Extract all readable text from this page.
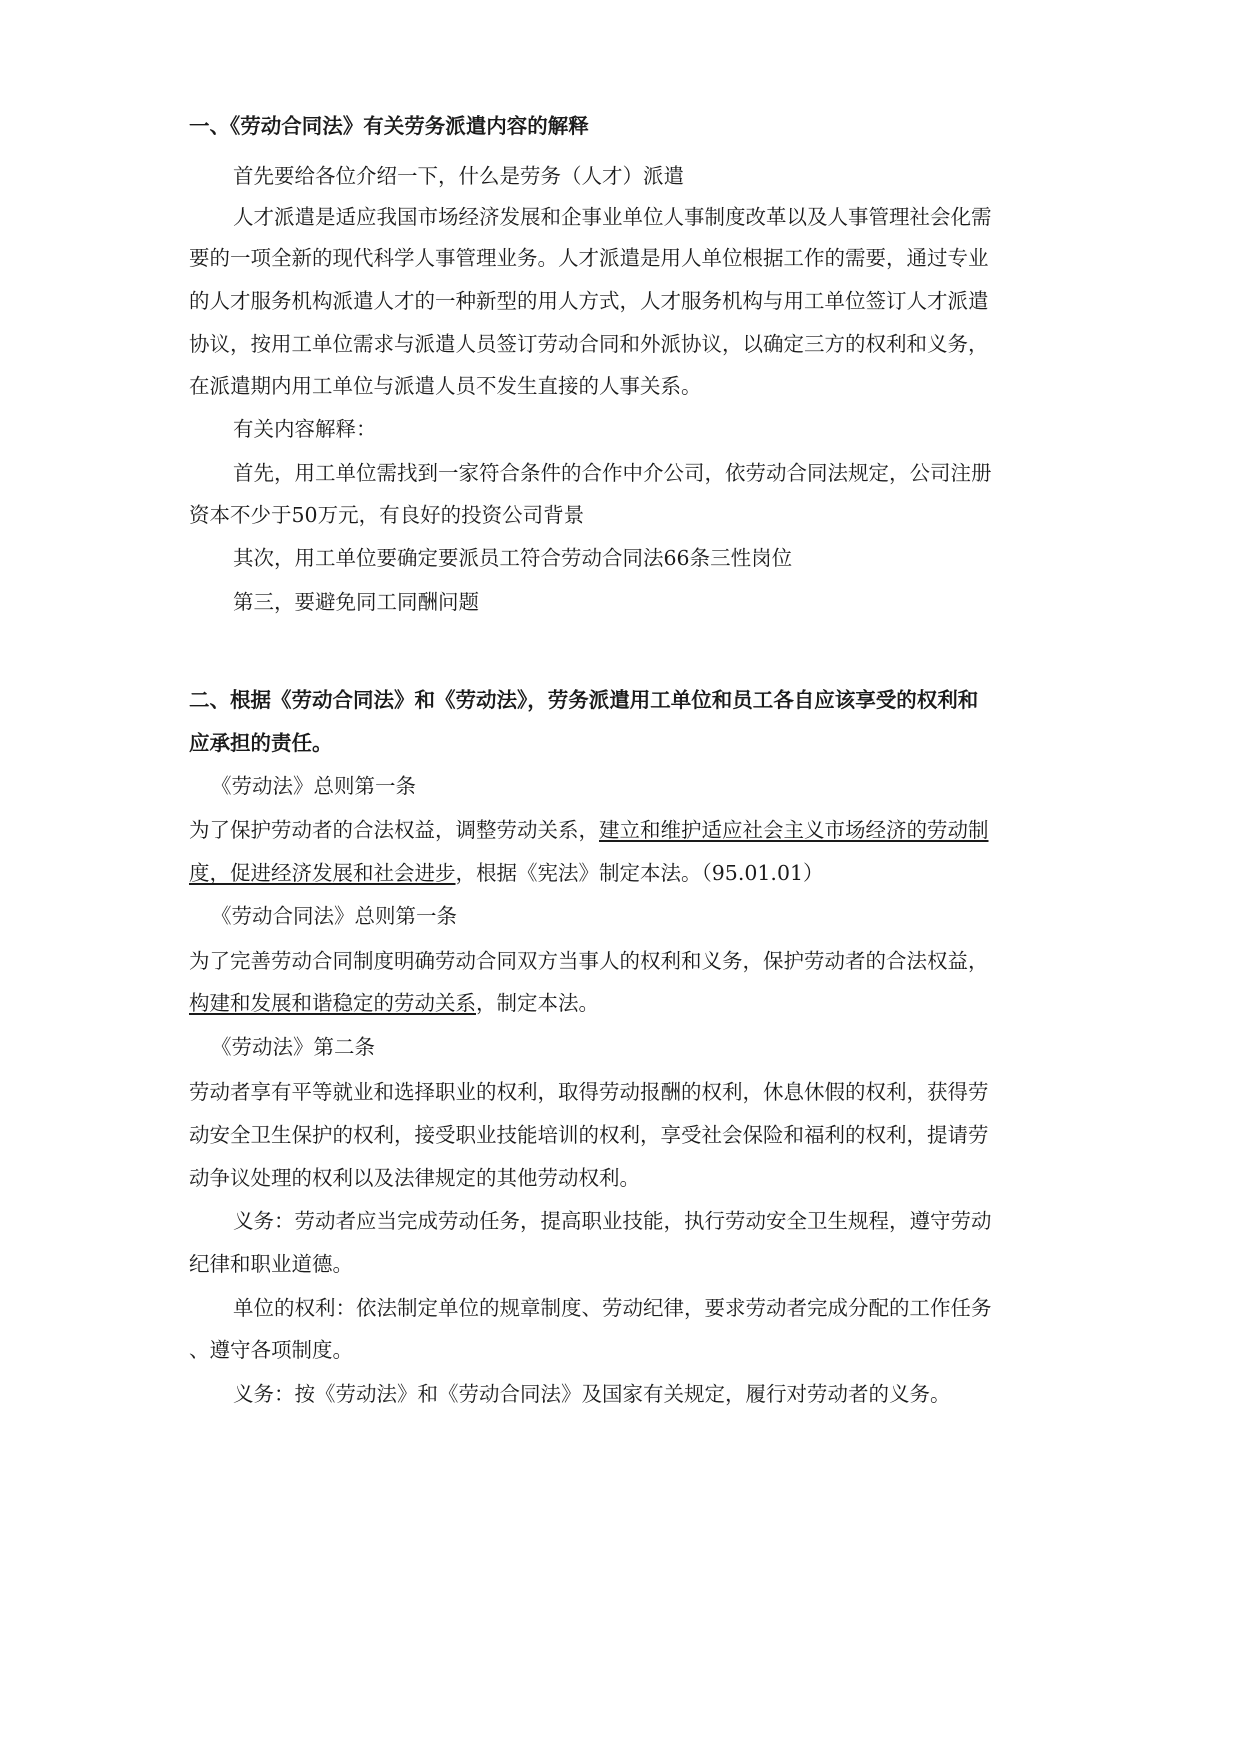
一、《劳动合同法》有关劳务派遣内容的解释
首先要给各位介绍一下，什么是劳务（人才）派遣
人才派遣是适应我国市场经济发展和企事业单位人事制度改革以及人事管理社会化需
要的一项全新的现代科学人事管理业务。人才派遣是用人单位根据工作的需要，通过专业
的人才服务机构派遣人才的一种新型的用人方式，人才服务机构与用工单位签订人才派遣
协议，按用工单位需求与派遣人员签订劳动合同和外派协议，以确定三方的权利和义务，
在派遣期内用工单位与派遣人员不发生直接的人事关系。
有关内容解释：
首先，用工单位需找到一家符合条件的合作中介公司，依劳动合同法规定，公司注册
资本不少于50万元，有良好的投资公司背景
其次，用工单位要确定要派员工符合劳动合同法66条三性岗位
第三，要避免同工同酬问题
二、根据《劳动合同法》和《劳动法》，劳务派遣用工单位和员工各自应该享受的权利和
应承担的责任。
《劳动法》总则第一条
为了保护劳动者的合法权益，调整劳动关系，建立和维护适应社会主义市场经济的劳动制
度，促进经济发展和社会进步，根据《宪法》制定本法。（95.01.01）
《劳动合同法》总则第一条
为了完善劳动合同制度明确劳动合同双方当事人的权利和义务，保护劳动者的合法权益，
构建和发展和谐稳定的劳动关系，制定本法。
《劳动法》第二条
劳动者享有平等就业和选择职业的权利，取得劳动报酬的权利，休息休假的权利，获得劳
动安全卫生保护的权利，接受职业技能培训的权利，享受社会保险和福利的权利，提请劳
动争议处理的权利以及法律规定的其他劳动权利。
义务：劳动者应当完成劳动任务，提高职业技能，执行劳动安全卫生规程，遵守劳动
纪律和职业道德。
单位的权利：依法制定单位的规章制度、劳动纪律，要求劳动者完成分配的工作任务
、遵守各项制度。
义务：按《劳动法》和《劳动合同法》及国家有关规定，履行对劳动者的义务。
